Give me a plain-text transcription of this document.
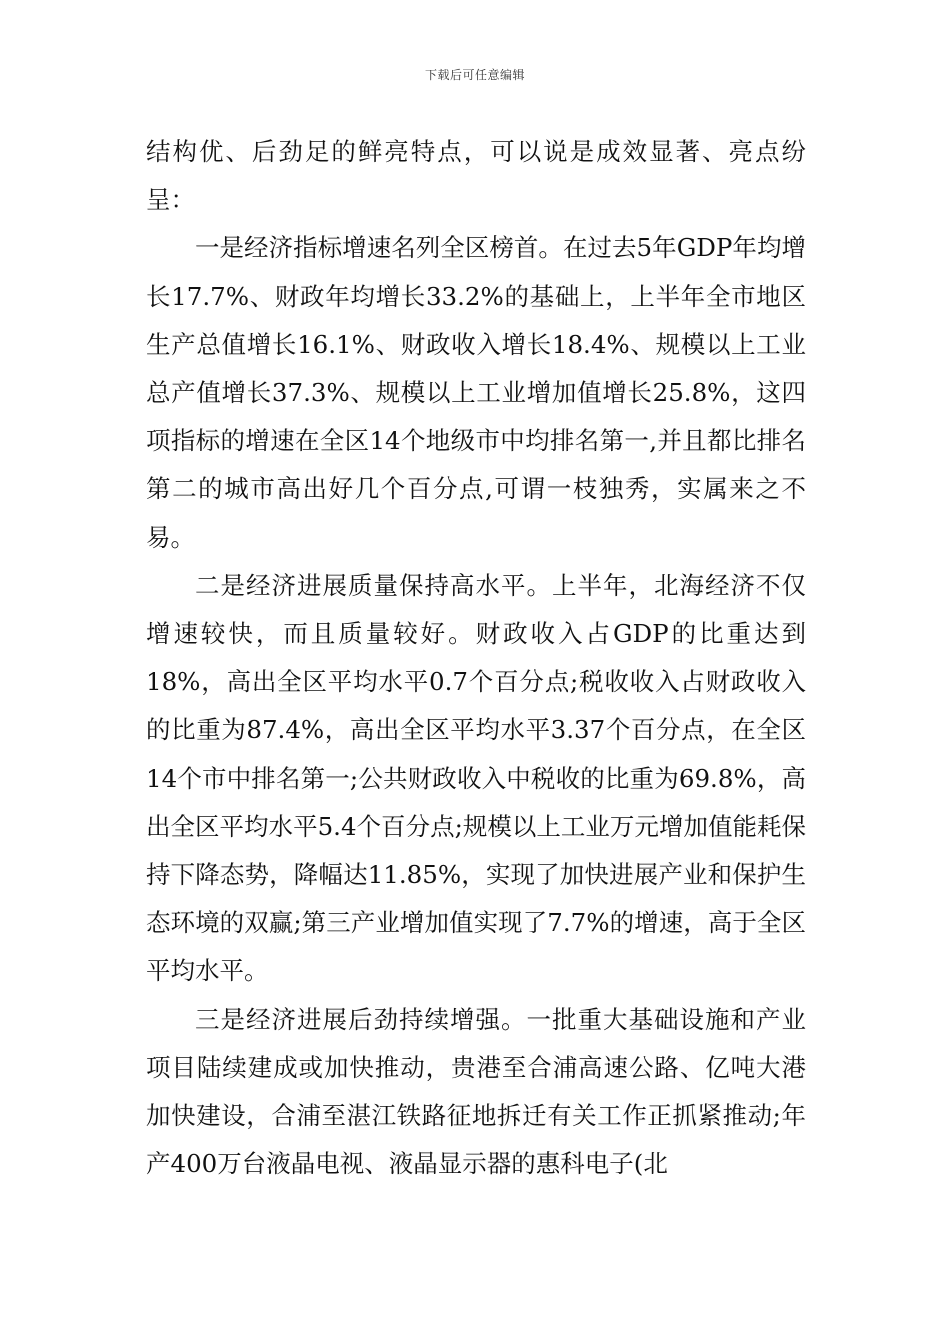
下载后可任意编辑

结构优、后劲足的鲜亮特点，可以说是成效显著、亮点纷呈：

一是经济指标增速名列全区榜首。在过去5年GDP年均增长17.7%、财政年均增长33.2%的基础上，上半年全市地区生产总值增长16.1%、财政收入增长18.4%、规模以上工业总产值增长37.3%、规模以上工业增加值增长25.8%，这四项指标的增速在全区14个地级市中均排名第一,并且都比排名第二的城市高出好几个百分点,可谓一枝独秀，实属来之不易。

二是经济进展质量保持高水平。上半年，北海经济不仅增速较快，而且质量较好。财政收入占GDP的比重达到18%，高出全区平均水平0.7个百分点;税收收入占财政收入的比重为87.4%，高出全区平均水平3.37个百分点，在全区14个市中排名第一;公共财政收入中税收的比重为69.8%，高出全区平均水平5.4个百分点;规模以上工业万元增加值能耗保持下降态势，降幅达11.85%，实现了加快进展产业和保护生态环境的双赢;第三产业增加值实现了7.7%的增速，高于全区平均水平。

三是经济进展后劲持续增强。一批重大基础设施和产业项目陆续建成或加快推动，贵港至合浦高速公路、亿吨大港加快建设，合浦至湛江铁路征地拆迁有关工作正抓紧推动;年产400万台液晶电视、液晶显示器的惠科电子(北
